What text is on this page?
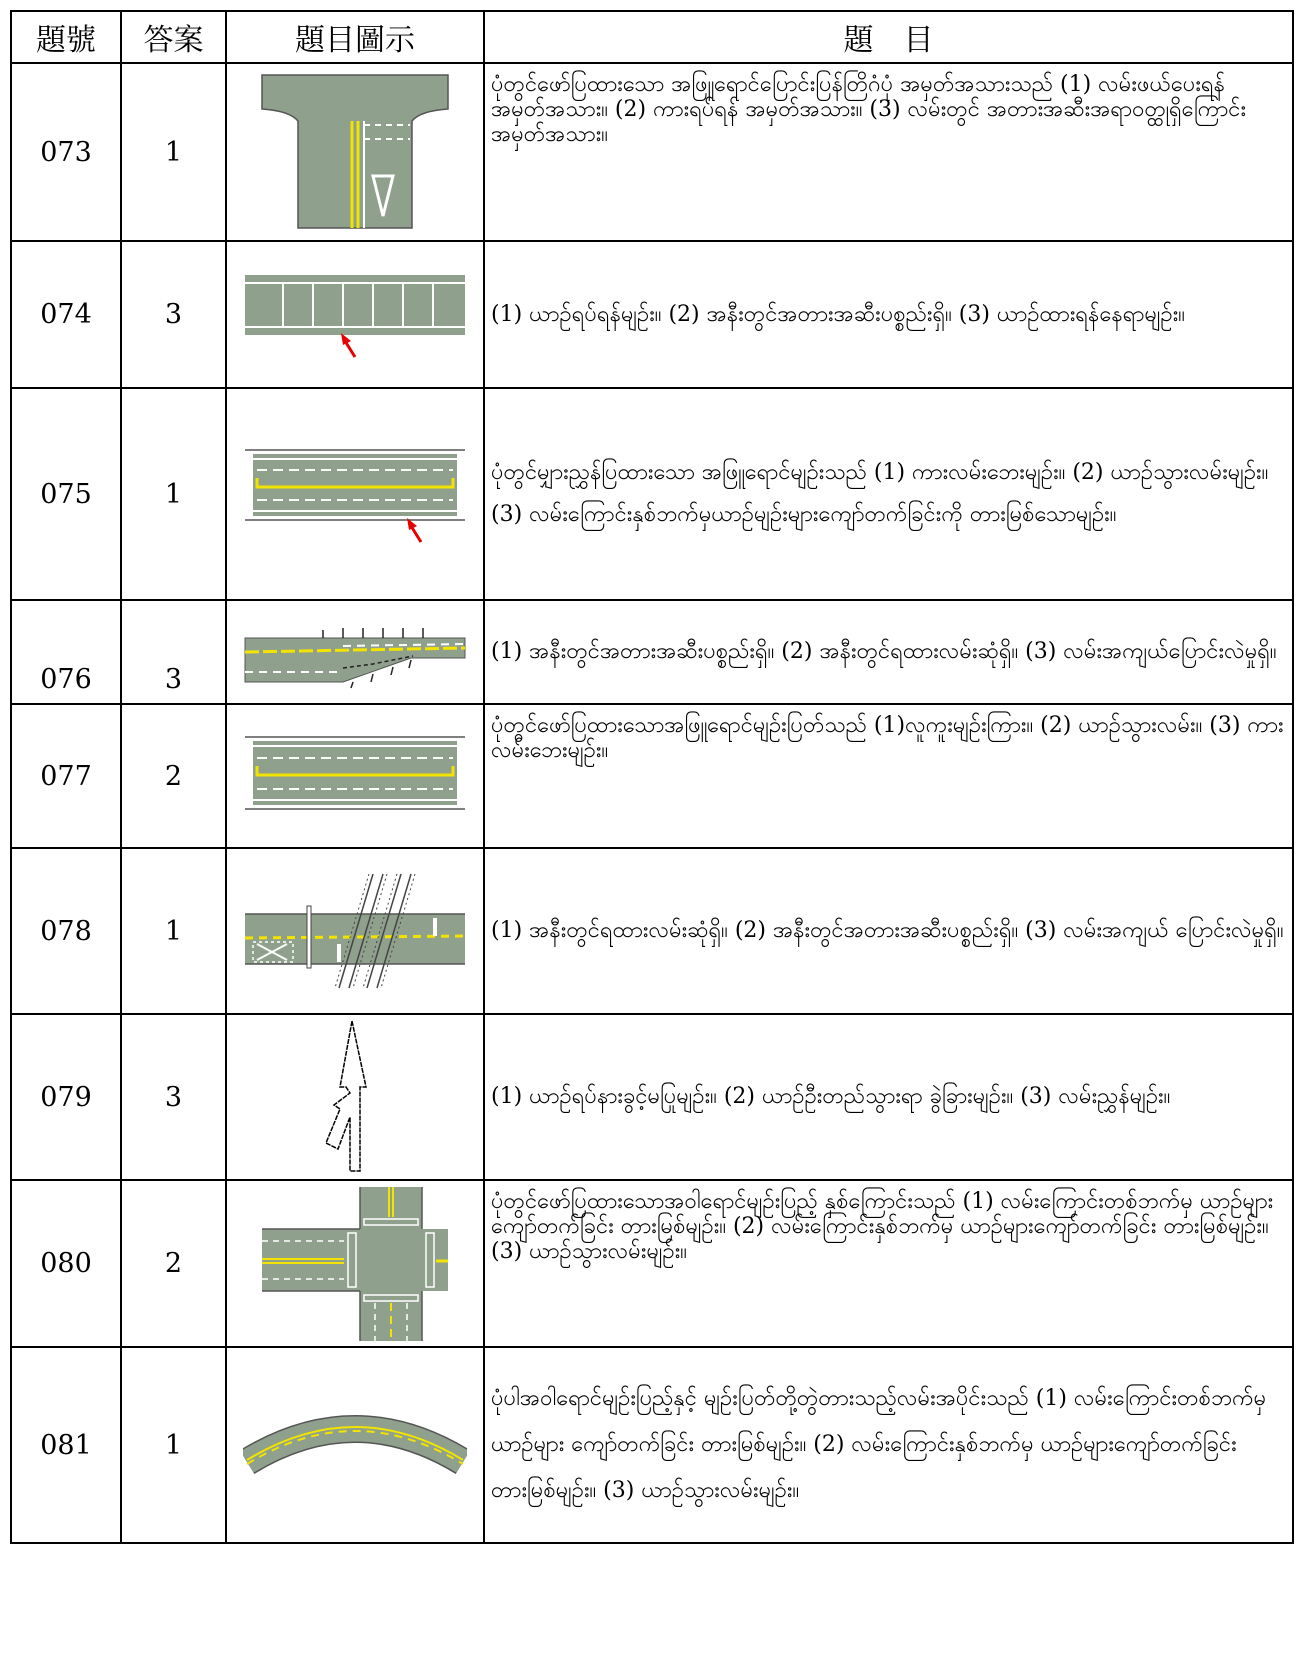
題號	答案	題目圖示	題　目
073	1		ပုံတွင်ဖော်ပြထားသော အဖြူရောင်ပြောင်းပြန်တြိဂံပုံ အမှတ်အသားသည် (1) လမ်းဖယ်ပေးရန် အမှတ်အသား။ (2) ကားရပ်ရန် အမှတ်အသား။ (3) လမ်းတွင် အတားအဆီးအရာဝတ္ထုရှိကြောင်း အမှတ်အသား။
074	3		(1) ယာဉ်ရပ်ရန်မျဉ်း။ (2) အနီးတွင်အတားအဆီးပစ္စည်းရှိ။ (3) ယာဉ်ထားရန်နေရာမျဉ်း။
075	1		ပုံတွင်မျှားညွှန်ပြထားသော အဖြူရောင်မျဉ်းသည် (1) ကားလမ်းဘေးမျဉ်း။ (2) ယာဉ်သွားလမ်းမျဉ်း။ (3) လမ်းကြောင်းနှစ်ဘက်မှယာဉ်မျဉ်းများကျော်တက်ခြင်းကို တားမြစ်သောမျဉ်း။
076	3		(1) အနီးတွင်အတားအဆီးပစ္စည်းရှိ။ (2) အနီးတွင်ရထားလမ်းဆုံရှိ။ (3) လမ်းအကျယ်ပြောင်းလဲမှုရှိ။
077	2		ပုံတွင်ဖော်ပြထားသောအဖြူရောင်မျဉ်းပြတ်သည် (1)လူကူးမျဉ်းကြား။ (2) ယာဉ်သွားလမ်း။ (3) ကားလမ်းဘေးမျဉ်း။
078	1		(1) အနီးတွင်ရထားလမ်းဆုံရှိ။ (2) အနီးတွင်အတားအဆီးပစ္စည်းရှိ။ (3) လမ်းအကျယ် ပြောင်းလဲမှုရှိ။
079	3		(1) ယာဉ်ရပ်နားခွင့်မပြုမျဉ်း။ (2) ယာဉ်ဦးတည်သွားရာ ခွဲခြားမျဉ်း။ (3) လမ်းညွှန်မျဉ်း။
080	2		ပုံတွင်ဖော်ပြထားသောအဝါရောင်မျဉ်းပြည့် နှစ်ကြောင်းသည် (1) လမ်းကြောင်းတစ်ဘက်မှ ယာဉ်များ ကျော်တက်ခြင်း တားမြစ်မျဉ်း။ (2) လမ်းကြောင်းနှစ်ဘက်မှ ယာဉ်များကျော်တက်ခြင်း တားမြစ်မျဉ်း။ (3) ယာဉ်သွားလမ်းမျဉ်း။
081	1		ပုံပါအဝါရောင်မျဉ်းပြည့်နှင့် မျဉ်းပြတ်တို့တွဲတားသည့်လမ်းအပိုင်းသည် (1) လမ်းကြောင်းတစ်ဘက်မှ ယာဉ်များ ကျော်တက်ခြင်း တားမြစ်မျဉ်း။ (2) လမ်းကြောင်းနှစ်ဘက်မှ ယာဉ်များကျော်တက်ခြင်း တားမြစ်မျဉ်း။ (3) ယာဉ်သွားလမ်းမျဉ်း။
